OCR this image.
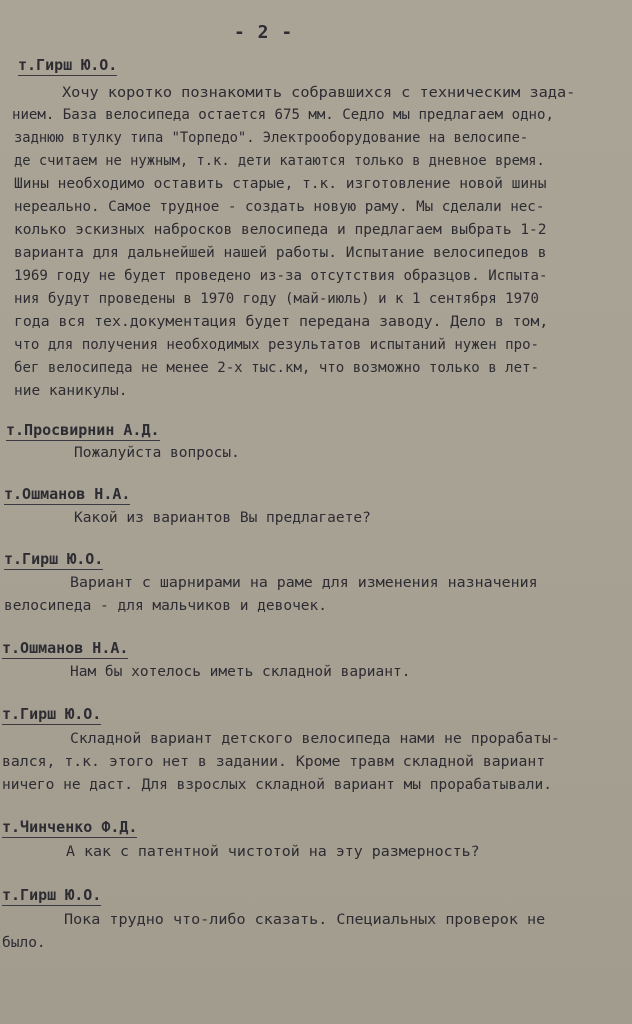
- 2 -
т.Гирш Ю.О.
Хочу коротко познакомить собравшихся с техническим зада-
нием. База велосипеда остается 675 мм. Седло мы предлагаем одно,
заднюю втулку типа "Торпедо". Электрооборудование на велосипе-
де считаем не нужным, т.к. дети катаются только в дневное время.
Шины необходимо оставить старые, т.к. изготовление новой шины
нереально. Самое трудное - создать новую раму. Мы сделали нес-
колько эскизных набросков велосипеда и предлагаем выбрать 1-2
варианта для дальнейшей нашей работы. Испытание велосипедов в
1969 году не будет проведено из-за отсутствия образцов. Испыта-
ния будут проведены в 1970 году (май-июль) и к 1 сентября 1970
года вся тех.документация будет передана заводу. Дело в том,
что для получения необходимых результатов испытаний нужен про-
бег велосипеда не менее 2-х тыс.км, что возможно только в лет-
ние каникулы.
т.Просвирнин А.Д.
Пожалуйста вопросы.
т.Ошманов Н.А.
Какой из вариантов Вы предлагаете?
т.Гирш Ю.О.
Вариант с шарнирами на раме для изменения назначения
велосипеда - для мальчиков и девочек.
т.Ошманов Н.А.
Нам бы хотелось иметь складной вариант.
т.Гирш Ю.О.
Складной вариант детского велосипеда нами не прорабаты-
вался, т.к. этого нет в задании. Кроме травм складной вариант
ничего не даст. Для взрослых складной вариант мы прорабатывали.
т.Чинченко Ф.Д.
А как с патентной чистотой на эту размерность?
т.Гирш Ю.О.
Пока трудно что-либо сказать. Специальных проверок не
было.
